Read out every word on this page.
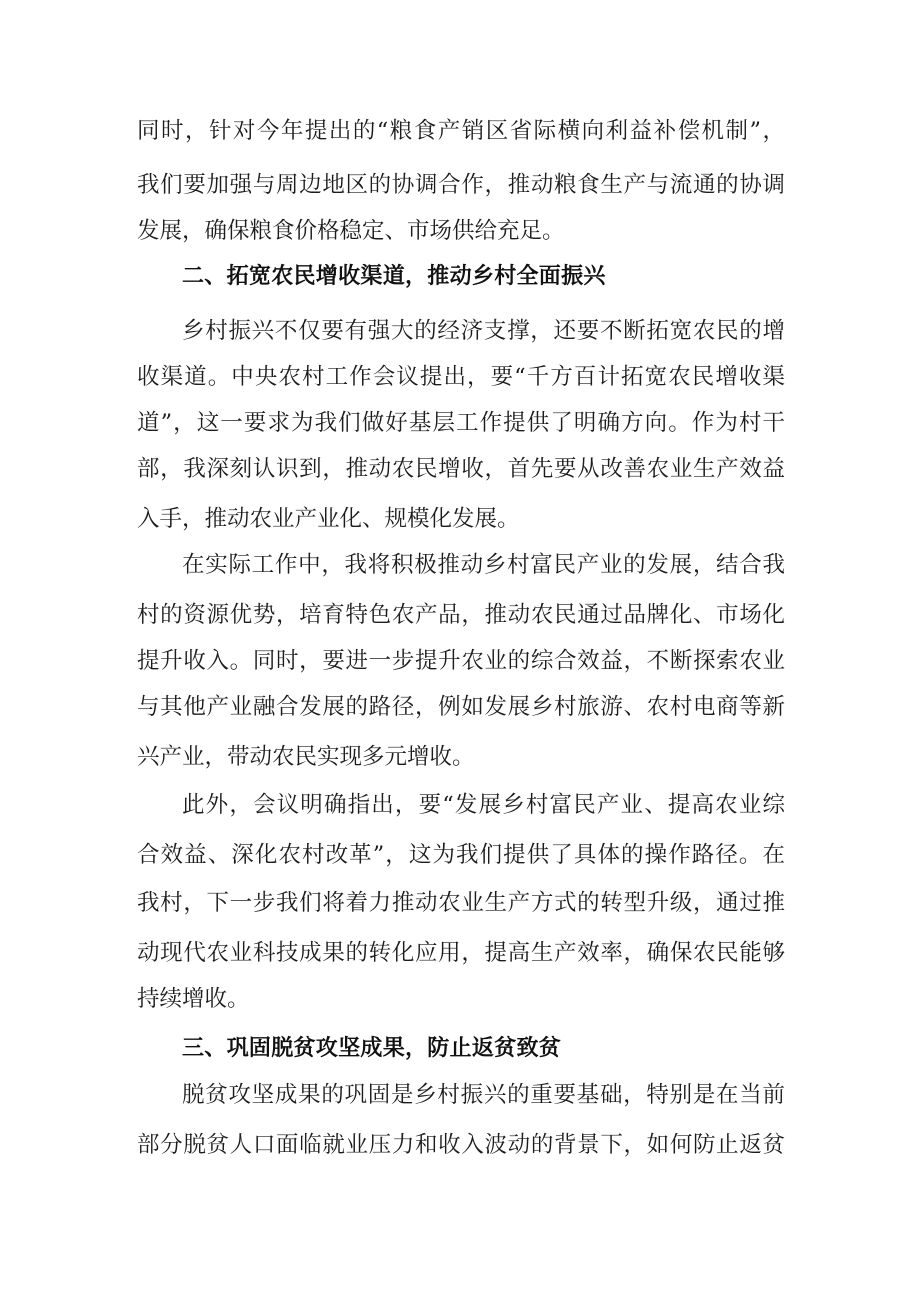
同时，针对今年提出的“粮食产销区省际横向利益补偿机制”，
我们要加强与周边地区的协调合作，推动粮食生产与流通的协调
发展，确保粮食价格稳定、市场供给充足。
二、拓宽农民增收渠道，推动乡村全面振兴
乡村振兴不仅要有强大的经济支撑，还要不断拓宽农民的增
收渠道。中央农村工作会议提出，要“千方百计拓宽农民增收渠
道”，这一要求为我们做好基层工作提供了明确方向。作为村干
部，我深刻认识到，推动农民增收，首先要从改善农业生产效益
入手，推动农业产业化、规模化发展。
在实际工作中，我将积极推动乡村富民产业的发展，结合我
村的资源优势，培育特色农产品，推动农民通过品牌化、市场化
提升收入。同时，要进一步提升农业的综合效益，不断探索农业
与其他产业融合发展的路径，例如发展乡村旅游、农村电商等新
兴产业，带动农民实现多元增收。
此外，会议明确指出，要“发展乡村富民产业、提高农业综
合效益、深化农村改革”，这为我们提供了具体的操作路径。在
我村，下一步我们将着力推动农业生产方式的转型升级，通过推
动现代农业科技成果的转化应用，提高生产效率，确保农民能够
持续增收。
三、巩固脱贫攻坚成果，防止返贫致贫
脱贫攻坚成果的巩固是乡村振兴的重要基础，特别是在当前
部分脱贫人口面临就业压力和收入波动的背景下，如何防止返贫
